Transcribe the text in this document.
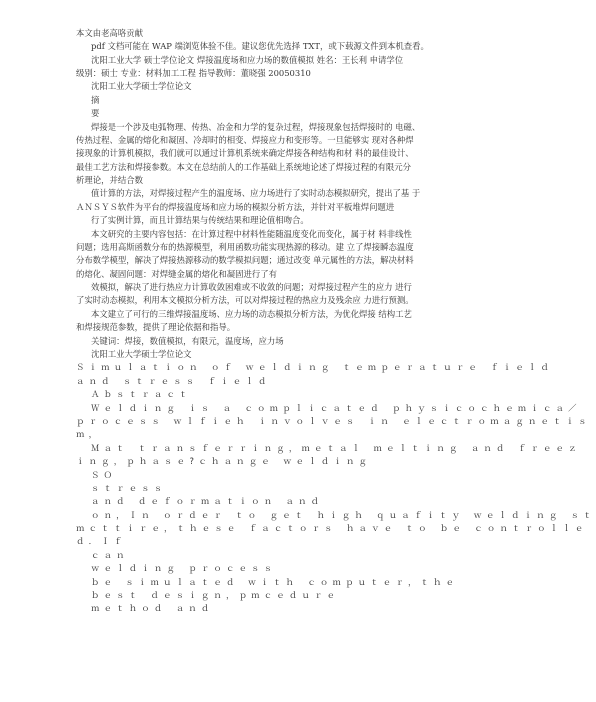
本文由老高咯贡献
pdf 文档可能在 WAP 端浏览体验不佳。建议您优先选择 TXT，或下载源文件到本机查看。
沈阳工业大学 硕士学位论文 焊接温度场和应力场的数值模拟 姓名：王长利 申请学位
级别：硕士 专业：材料加工工程 指导教师：董晓强 20050310
沈阳工业大学硕士学位论文
摘
要
焊接是一个涉及电弧物理、传热、冶金和力学的复杂过程，焊接现象包括焊接时的 电磁、
传热过程、金属的熔化和凝固、冷却时的相变、焊接应力和变形等。一旦能够实 现对各种焊
接现象的计算机模拟，我们就可以通过计算机系统来确定焊接各种结构和材 料的最佳设计、
最佳工艺方法和焊接参数。本文在总结前人的工作基础上系统地论述了焊接过程的有限元分
析理论，并结合数
值计算的方法，对焊接过程产生的温度场、应力场进行了实时动态模拟研究，提出了基 于
ＡＮＳＹＳ软件为平台的焊接温度场和应力场的模拟分析方法，并针对平板堆焊问题进
行了实例计算，而且计算结果与传统结果和理论值相吻合。
本文研究的主要内容包括：在计算过程中材料性能随温度变化而变化，属于材 料非线性
问题；选用高斯函数分布的热源模型，利用函数功能实现热源的移动。建 立了焊接瞬态温度
分布数学模型，解决了焊接热源移动的数学模拟问题；通过改变 单元属性的方法，解决材料
的熔化、凝固问题：对焊缝金属的熔化和凝固进行了有
效模拟，解决了进行热应力计算收敛困难或不收敛的问题；对焊接过程产生的应力 进行
了实时动态模拟，利用本文模拟分析方法，可以对焊接过程的热应力及残余应 力进行预测。
本文建立了可行的三维焊接温度场、应力场的动态模拟分析方法，为优化焊接 结构工艺
和焊接规范参数，提供了理论依据和指导。
关键词：焊接，数值模拟，有限元，温度场，应力场
沈阳工业大学硕士学位论文
Ｓｉｍｕｌａｔｉｏｎ ｏｆ ｗｅｌｄｉｎｇ ｔｅｍｐｅｒａｔｕｒｅ ｆｉｅｌｄ
ａｎｄ ｓｔｒｅｓｓ ｆｉｅｌｄ
Ａｂｓｔｒａｃｔ
Ｗｅｌｄｉｎｇ ｉｓ ａ ｃｏｍｐｌｉｃａｔｅｄ ｐｈｙｓｉｃｏｃｈｅｍｉｃａ／
ｐｒｏｃｅｓｓ ｗｌｆｉｅｈ ｉｎｖｏｌｖｅｓ ｉｎ ｅｌｅｃｔｒｏｍａｇｎｅｔｉｓ
ｍ，
Ｍａｔ ｔｒａｎｓｆｅｒｒｉｎｇ，ｍｅｔａｌ ｍｅｌｔｉｎｇ ａｎｄ ｆｒｅｅｚ
ｉｎｇ，ｐｈａｓｅ?ｃｈａｎｇｅ ｗｅｌｄｉｎｇ
ＳＯ
ｓｔｒｅｓｓ
ａｎｄ ｄｅｆｏｒｍａｔｉｏｎ ａｎｄ
ｏｎ，Ｉｎ ｏｒｄｅｒ ｔｏ ｇｅｔ ｈｉｇｈ ｑｕａｆｉｔｙ ｗｅｌｄｉｎｇ ｓｔ
ｍｃｔｔｉｒｅ，ｔｈｅｓｅ ｆａｃｔｏｒｓ ｈａｖｅ ｔｏ ｂｅ ｃｏｎｔｒｏｌｌｅ
ｄ．Ｉｆ
ｃａｎ
ｗｅｌｄｉｎｇ ｐｒｏｃｅｓｓ
ｂｅ ｓｉｍｕｌａｔｅｄ ｗｉｔｈ ｃｏｍｐｕｔｅｒ，ｔｈｅ
ｂｅｓｔ ｄｅｓｉｇｎ，ｐｍｃｅｄｕｒｅ
ｍｅｔｈｏｄ ａｎｄ
